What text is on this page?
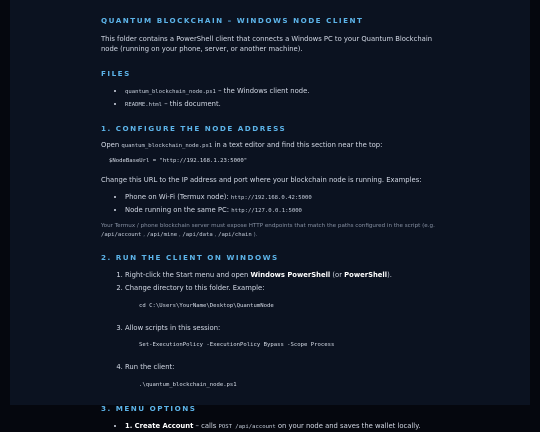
QUANTUM BLOCKCHAIN – WINDOWS NODE CLIENT

This folder contains a PowerShell client that connects a Windows PC to your Quantum Blockchain node (running on your phone, server, or another machine).

FILES
• quantum_blockchain_node.ps1 – the Windows client node.
• README.html – this document.
1. CONFIGURE THE NODE ADDRESS

Open quantum_blockchain_node.ps1 in a text editor and find this section near the top:

$NodeBaseUrl = "http://192.168.1.23:5000"

Change this URL to the IP address and port where your blockchain node is running. Examples:

• Phone on Wi-Fi (Termux node): http://192.168.0.42:5000
• Node running on the same PC: http://127.0.0.1:5000

Your Termux / phone blockchain server must expose HTTP endpoints that match the paths configured in the script (e.g. /api/account , /api/mine , /api/data , /api/chain ).

2. RUN THE CLIENT ON WINDOWS
1. Right-click the Start menu and open Windows PowerShell (or PowerShell).
2. Change directory to this folder. Example:
cd C:\Users\YourName\Desktop\QuantumNode
3. Allow scripts in this session:
Set-ExecutionPolicy -ExecutionPolicy Bypass -Scope Process
4. Run the client:
.\quantum_blockchain_node.ps1
3. MENU OPTIONS
• 1. Create Account – calls POST /api/account on your node and saves the wallet locally.
